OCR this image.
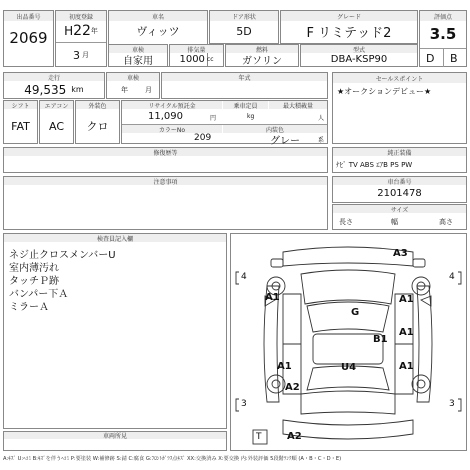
出品番号
2069
初度登録
H 22 年
3 月
車名
ヴィッツ
ドア形状
5D
グレード
F リミテッド2
評価点
3.5
D B
車検
自家用
排気量
1000 cc
燃料
ガソリン
型式
DBA-KSP90
走行
49,535 km
車検
年 月
年式	セールスポイント
★オークションデビュー★
シフト
FAT
エアコン
AC
外装色
クロ
リサイクル預託金	乗車定員	最大積載量
11,090	円	kg	人
カラーNo	内装色
209	グレー	系
修復歴等	純正装備
ﾅﾋﾞ TV ABS ｴｱB PS PW
注意事項	車台番号
2101478
サイズ
長さ	幅	高さ
検査員記入欄
ネジ止クロスメンバーU
室内薄汚れ
タッチＰ跡
バンパー下Ａ
ミラーＡ
車両所見
4	4
3	3
T
A3
A1	A1
G
B1
A1
A1	U4	A1
A2
A2
A:ｷｽﾞ U:ﾍｺﾐ B:ｷｽﾞを伴うﾍｺﾐ P:要塗装 W:補修跡 S:錆 C:腐食 G:ﾌﾛﾝﾄｶﾞﾗｽ点ｷｽﾞ XX:交換済み X:要交換 内:外装評価 5段階ﾗﾝｸ順 (A・B・C・D・E)
